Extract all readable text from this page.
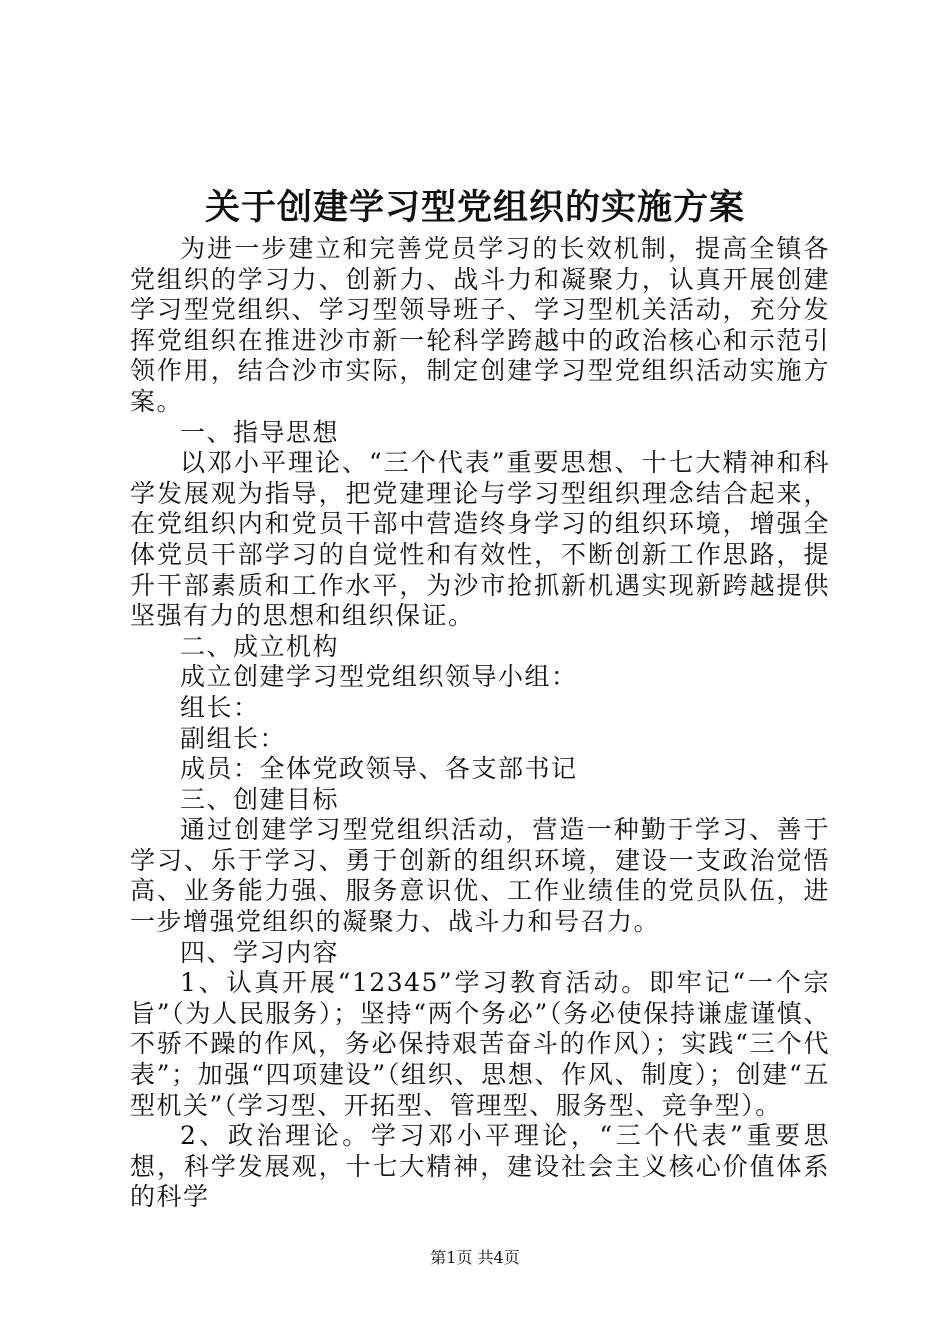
关于创建学习型党组织的实施方案

为进一步建立和完善党员学习的长效机制，提高全镇各党组织的学习力、创新力、战斗力和凝聚力，认真开展创建学习型党组织、学习型领导班子、学习型机关活动，充分发挥党组织在推进沙市新一轮科学跨越中的政治核心和示范引领作用，结合沙市实际，制定创建学习型党组织活动实施方案。

一、指导思想

以邓小平理论、“三个代表”重要思想、十七大精神和科学发展观为指导，把党建理论与学习型组织理念结合起来，在党组织内和党员干部中营造终身学习的组织环境，增强全体党员干部学习的自觉性和有效性，不断创新工作思路，提升干部素质和工作水平，为沙市抢抓新机遇实现新跨越提供坚强有力的思想和组织保证。

二、成立机构

成立创建学习型党组织领导小组：

组长：

副组长：

成员：全体党政领导、各支部书记

三、创建目标

通过创建学习型党组织活动，营造一种勤于学习、善于学习、乐于学习、勇于创新的组织环境，建设一支政治觉悟高、业务能力强、服务意识优、工作业绩佳的党员队伍，进一步增强党组织的凝聚力、战斗力和号召力。

四、学习内容

1、认真开展“12345”学习教育活动。即牢记“一个宗旨”（为人民服务）；坚持“两个务必”（务必使保持谦虚谨慎、不骄不躁的作风，务必保持艰苦奋斗的作风）；实践“三个代表”；加强“四项建设”（组织、思想、作风、制度）；创建“五型机关”（学习型、开拓型、管理型、服务型、竞争型）。

2、政治理论。学习邓小平理论，“三个代表”重要思想，科学发展观，十七大精神，建设社会主义核心价值体系的科学

第1页 共4页
